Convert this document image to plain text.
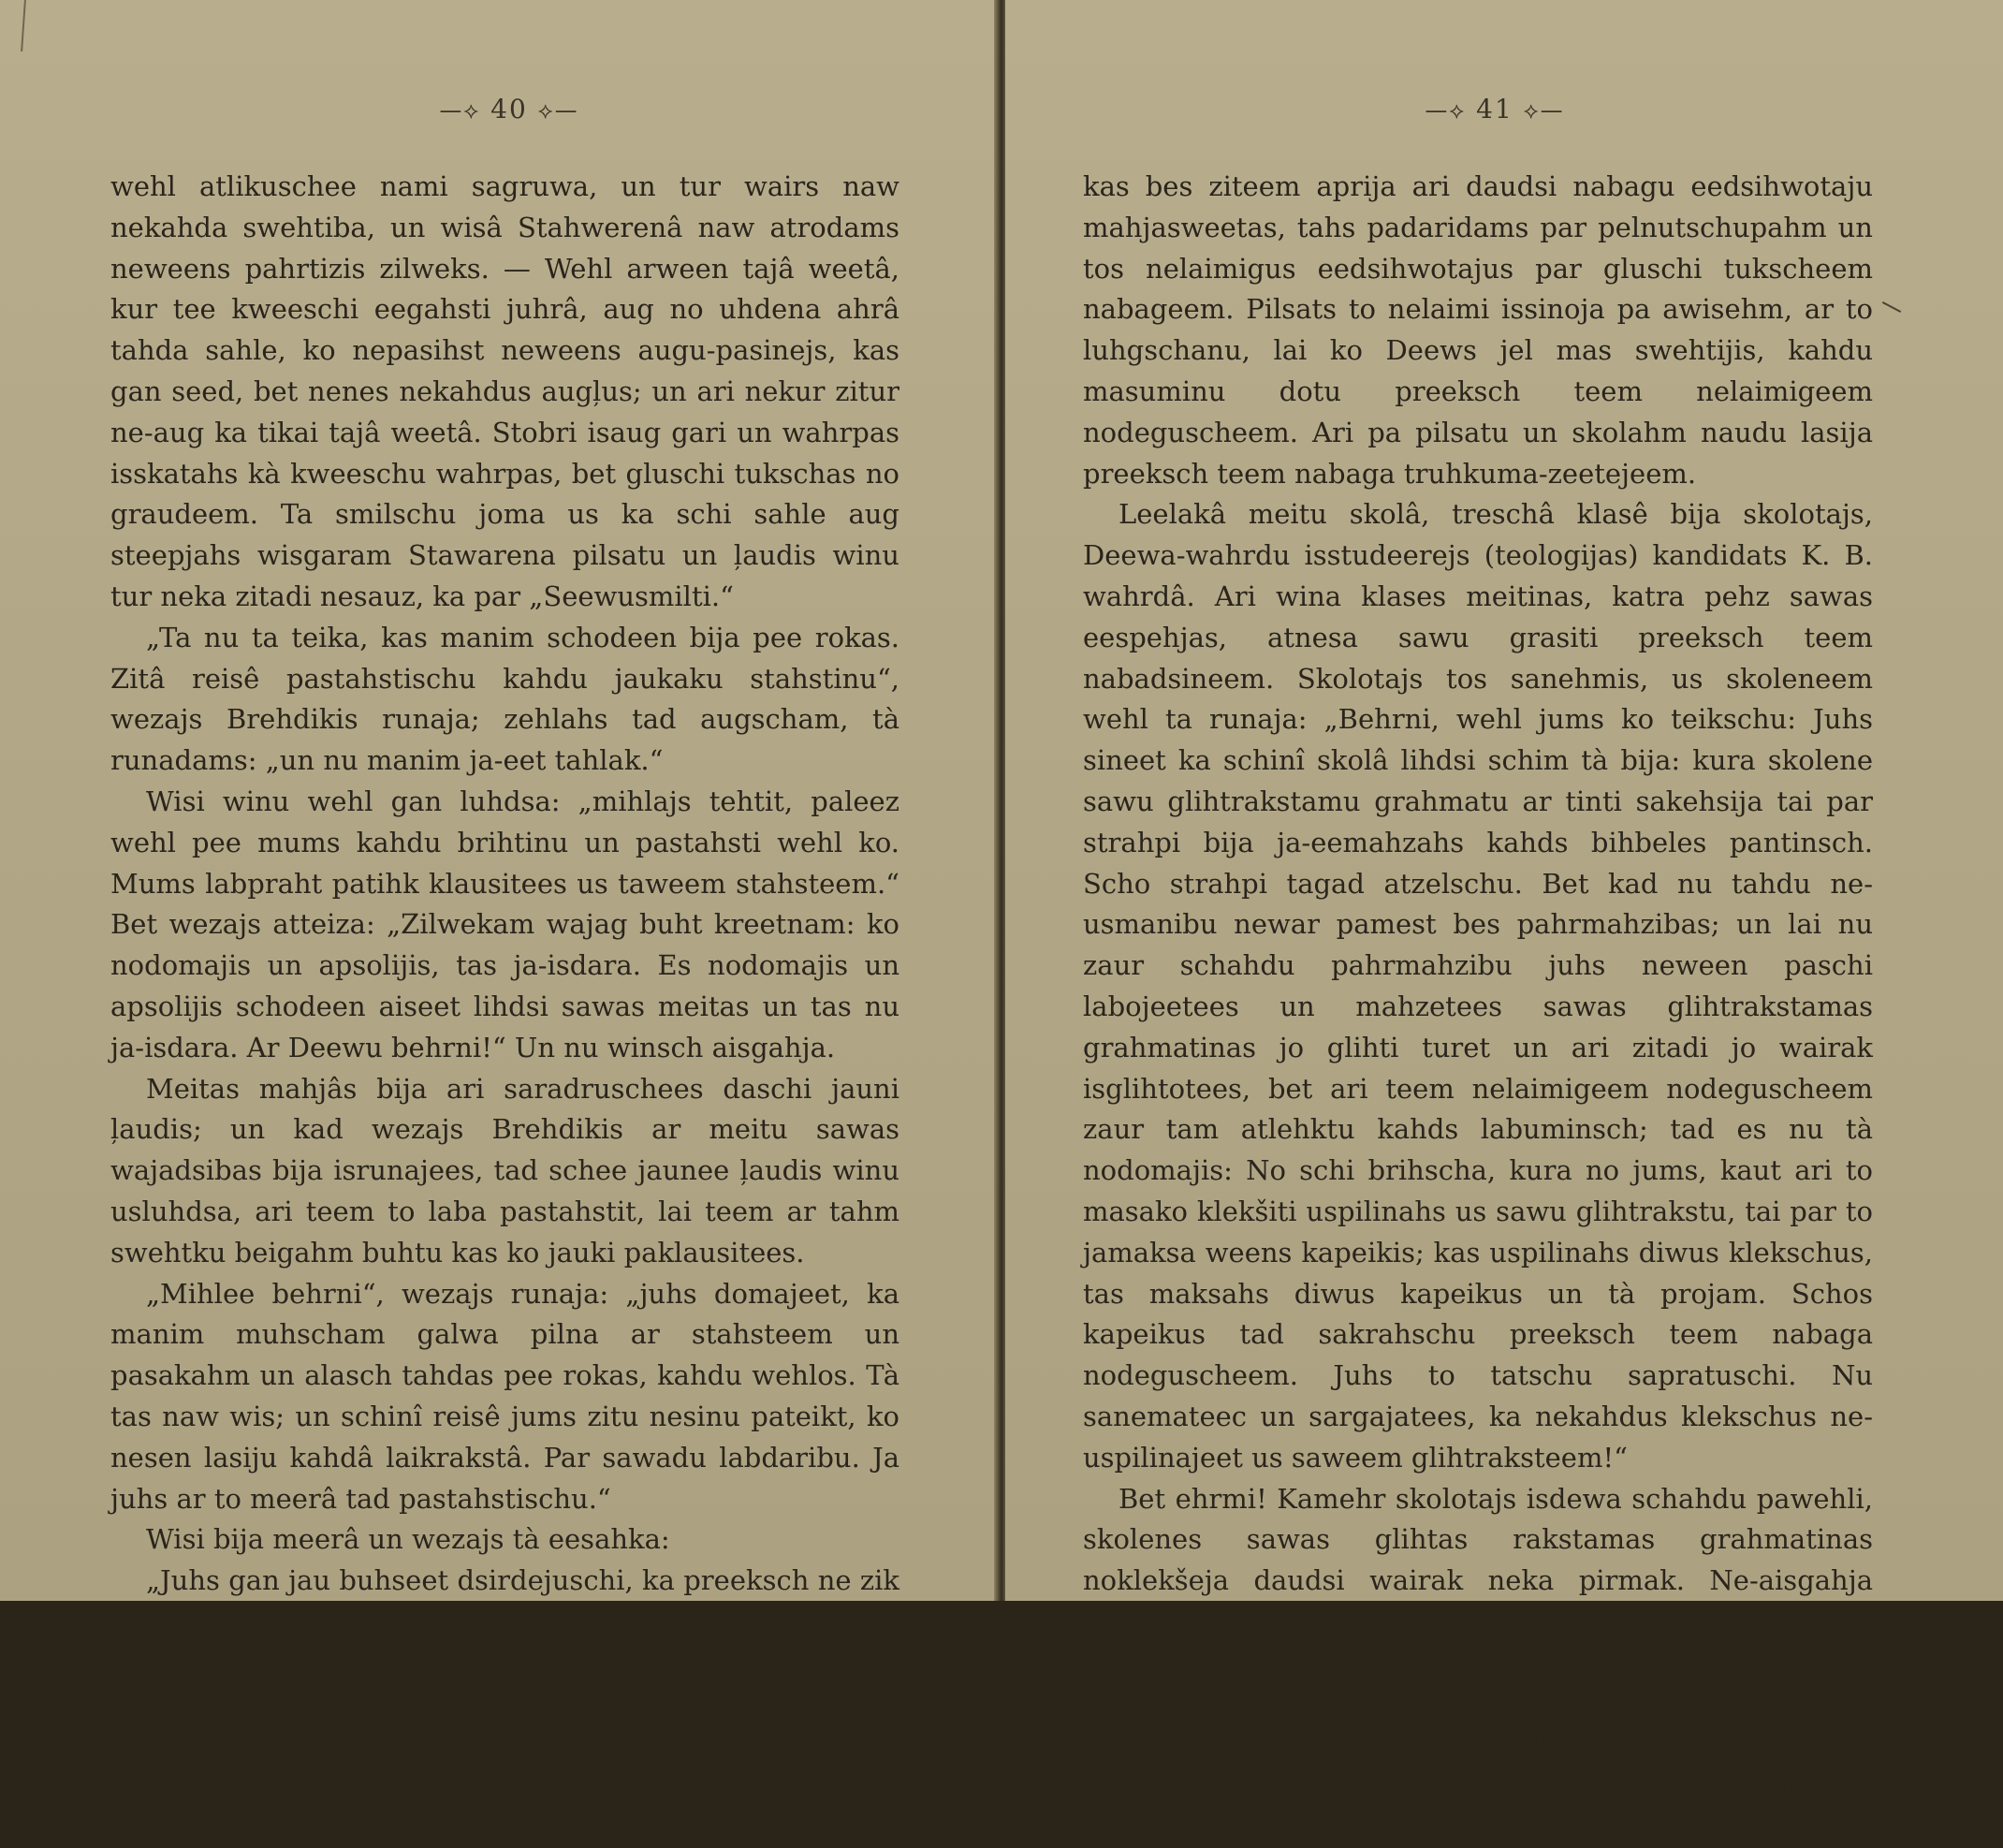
—⟡ 40 ⟡—

wehl atlikuschee nami sagruwa, un tur wairs naw nekahda swehtiba, un wisâ Stahwerenâ naw atrodams neweens pahrtizis zilweks. — Wehl arween tajâ weetâ, kur tee kweeschi eegahsti juhrâ, aug no uhdena ahrâ tahda sahle, ko nepasihst neweens augu-pasinejs, kas gan seed, bet nenes nekahdus augļus; un ari nekur zitur ne-aug ka tikai tajâ weetâ. Stobri isaug gari un wahrpas isskatahs kà kweeschu wahrpas, bet gluschi tukschas no graudeem. Ta smilschu joma us ka schi sahle aug steepjahs wisgaram Stawarena pilsatu un ļaudis winu tur neka zitadi nesauz, ka par „Seewusmilti.“

„Ta nu ta teika, kas manim schodeen bija pee rokas. Zitâ reisê pastahstischu kahdu jaukaku stahstinu“, wezajs Brehdikis runaja; zehlahs tad augscham, tà runadams: „un nu manim ja-eet tahlak.“

Wisi winu wehl gan luhdsa: „mihlajs tehtit, paleez wehl pee mums kahdu brihtinu un pastahsti wehl ko. Mums labpraht patihk klausitees us taweem stahsteem.“ Bet wezajs atteiza: „Zilwekam wajag buht kreetnam: ko nodomajis un apsolijis, tas ja-isdara. Es nodomajis un apsolijis schodeen aiseet lihdsi sawas meitas un tas nu ja-isdara. Ar Deewu behrni!“ Un nu winsch aisgahja.

Meitas mahjâs bija ari saradruschees daschi jauni ļaudis; un kad wezajs Brehdikis ar meitu sawas wajadsibas bija isrunajees, tad schee jaunee ļaudis winu usluhdsa, ari teem to laba pastahstit, lai teem ar tahm swehtku beigahm buhtu kas ko jauki paklausitees.

„Mihlee behrni“, wezajs runaja: „juhs domajeet, ka manim muhscham galwa pilna ar stahsteem un pasakahm un alasch tahdas pee rokas, kahdu wehlos. Tà tas naw wis; un schinî reisê jums zitu nesinu pateikt, ko nesen lasiju kahdâ laikrakstâ. Par sawadu labdaribu. Ja juhs ar to meerâ tad pastahstischu.“

Wisi bija meerâ un wezajs tà eesahka:

„Juhs gan jau buhseet dsirdejuschi, ka preeksch ne zik ilga laika muhsu leelakâ gubernas pilsatâ R. bija leels ugunagrehks,

—⟡ 41 ⟡—

kas bes ziteem aprija ari daudsi nabagu eedsihwotaju mahjasweetas, tahs padaridams par pelnutschupahm un tos nelaimigus eedsihwotajus par gluschi tukscheem nabageem. Pilsats to nelaimi issinoja pa awisehm, ar to luhgschanu, lai ko Deews jel mas swehtijis, kahdu masuminu dotu preeksch teem nelaimigeem nodeguscheem. Ari pa pilsatu un skolahm naudu lasija preeksch teem nabaga truhkuma-zeetejeem.

Leelakâ meitu skolâ, treschâ klasê bija skolotajs, Deewa-wahrdu isstudeerejs (teologijas) kandidats K. B. wahrdâ. Ari wina klases meitinas, katra pehz sawas eespehjas, atnesa sawu grasiti preeksch teem nabadsineem. Skolotajs tos sanehmis, us skoleneem wehl ta runaja: „Behrni, wehl jums ko teikschu: Juhs sineet ka schinî skolâ lihdsi schim tà bija: kura skolene sawu glihtrakstamu grahmatu ar tinti sakehsija tai par strahpi bija ja-eemahzahs kahds bihbeles pantinsch. Scho strahpi tagad atzelschu. Bet kad nu tahdu ne-usmanibu newar pamest bes pahrmahzibas; un lai nu zaur schahdu pahrmahzibu juhs neween paschi labojeetees un mahzetees sawas glihtrakstamas grahmatinas jo glihti turet un ari zitadi jo wairak isglihtotees, bet ari teem nelaimigeem nodeguscheem zaur tam atlehktu kahds labuminsch; tad es nu tà nodomajis: No schi brihscha, kura no jums, kaut ari to masako klekšiti uspilinahs us sawu glihtrakstu, tai par to jamaksa weens kapeikis; kas uspilinahs diwus klekschus, tas maksahs diwus kapeikus un tà projam. Schos kapeikus tad sakrahschu preeksch teem nabaga nodeguscheem. Juhs to tatschu sapratuschi. Nu sanemateeс un sargajatees, ka nekahdus klekschus ne-uspilinajeet us saweem glihtraksteem!“

Bet ehrmi! Kamehr skolotajs isdewa schahdu pawehli, skolenes sawas glihtas rakstamas grahmatinas noklekšeja daudsi wairak neka pirmak. Ne-aisgahja neweena rakstama stundina kurâ 15 lihdsi 20 kapeiku ne-eenahza, un gandrihsi neweena aprakstita lapupuse nepalika bes klekscha.

Kahdâ deenâ, kad wisas skolenes atkal rakstija, tad masa Lihse usreisi pilnâ kaklâ eesauzahs: „Skolotaja kungs, skolotaja kungs!“
